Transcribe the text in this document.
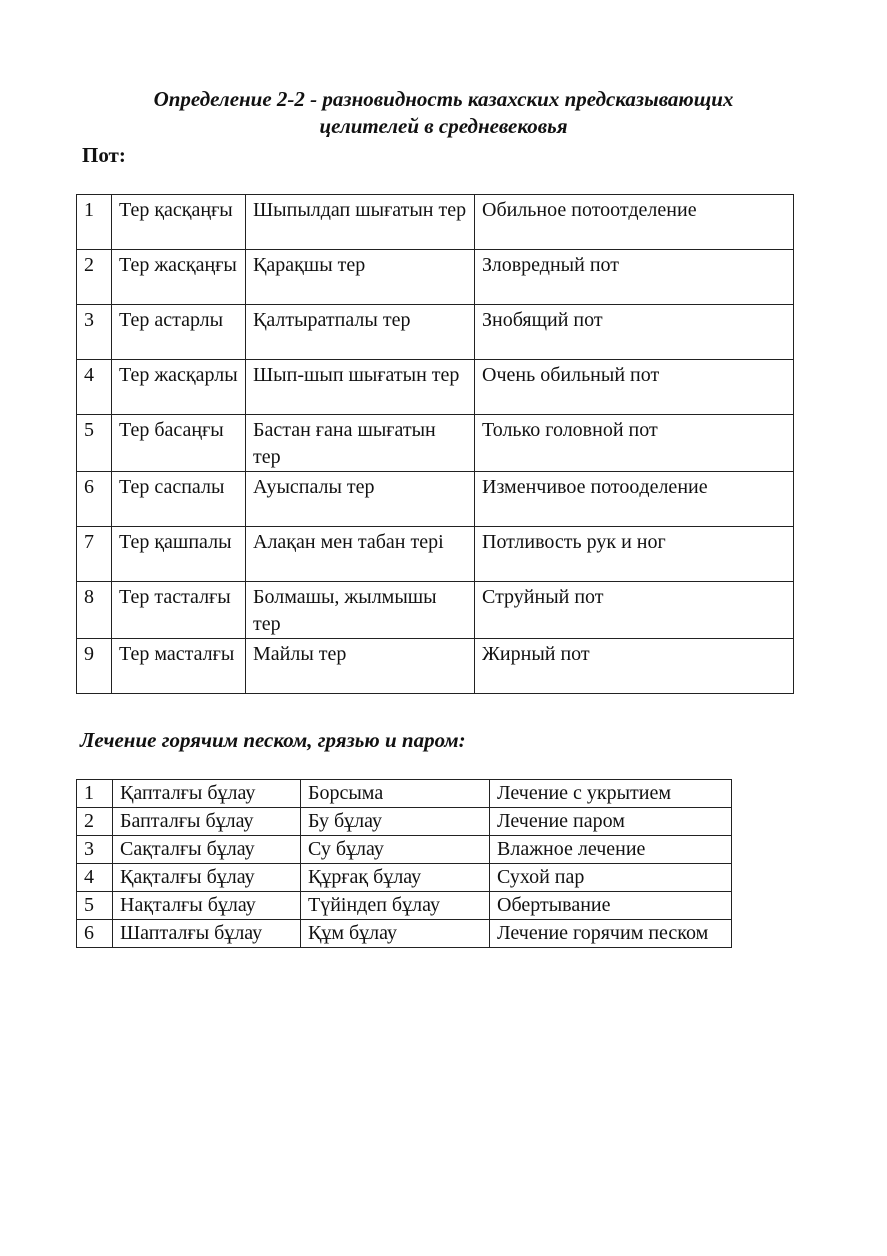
Определение 2-2 - разновидность казахских предсказывающих
целителей в средневековья
Пот:
1	Тер қасқаңғы	Шыпылдап шығатын тер	Обильное потоотделение
2	Тер жасқаңғы	Қарақшы тер	Зловредный пот
3	Тер астарлы	Қалтыратпалы тер	Знобящий пот
4	Тер жасқарлы	Шып-шып шығатын тер	Очень обильный пот
5	Тер басаңғы	Бастан ғана шығатын тер	Только головной пот
6	Тер саспалы	Ауыспалы тер	Изменчивое потоoделение
7	Тер қашпалы	Алақан мен табан тері	Потливость рук и ног
8	Тер тасталғы	Болмашы, жылмышы тер	Струйный пот
9	Тер масталғы	Майлы тер	Жирный пот
Лечение горячим песком, грязью и паром:
1	Қапталғы бұлау	Борсыма	Лечение с укрытием
2	Бапталғы бұлау	Бу бұлау	Лечение паром
3	Сақталғы бұлау	Су бұлау	Влажное лечение
4	Қақталғы бұлау	Құрғақ бұлау	Сухой пар
5	Нақталғы бұлау	Түйіндеп бұлау	Обертывание
6	Шапталғы бұлау	Құм бұлау	Лечение горячим песком
